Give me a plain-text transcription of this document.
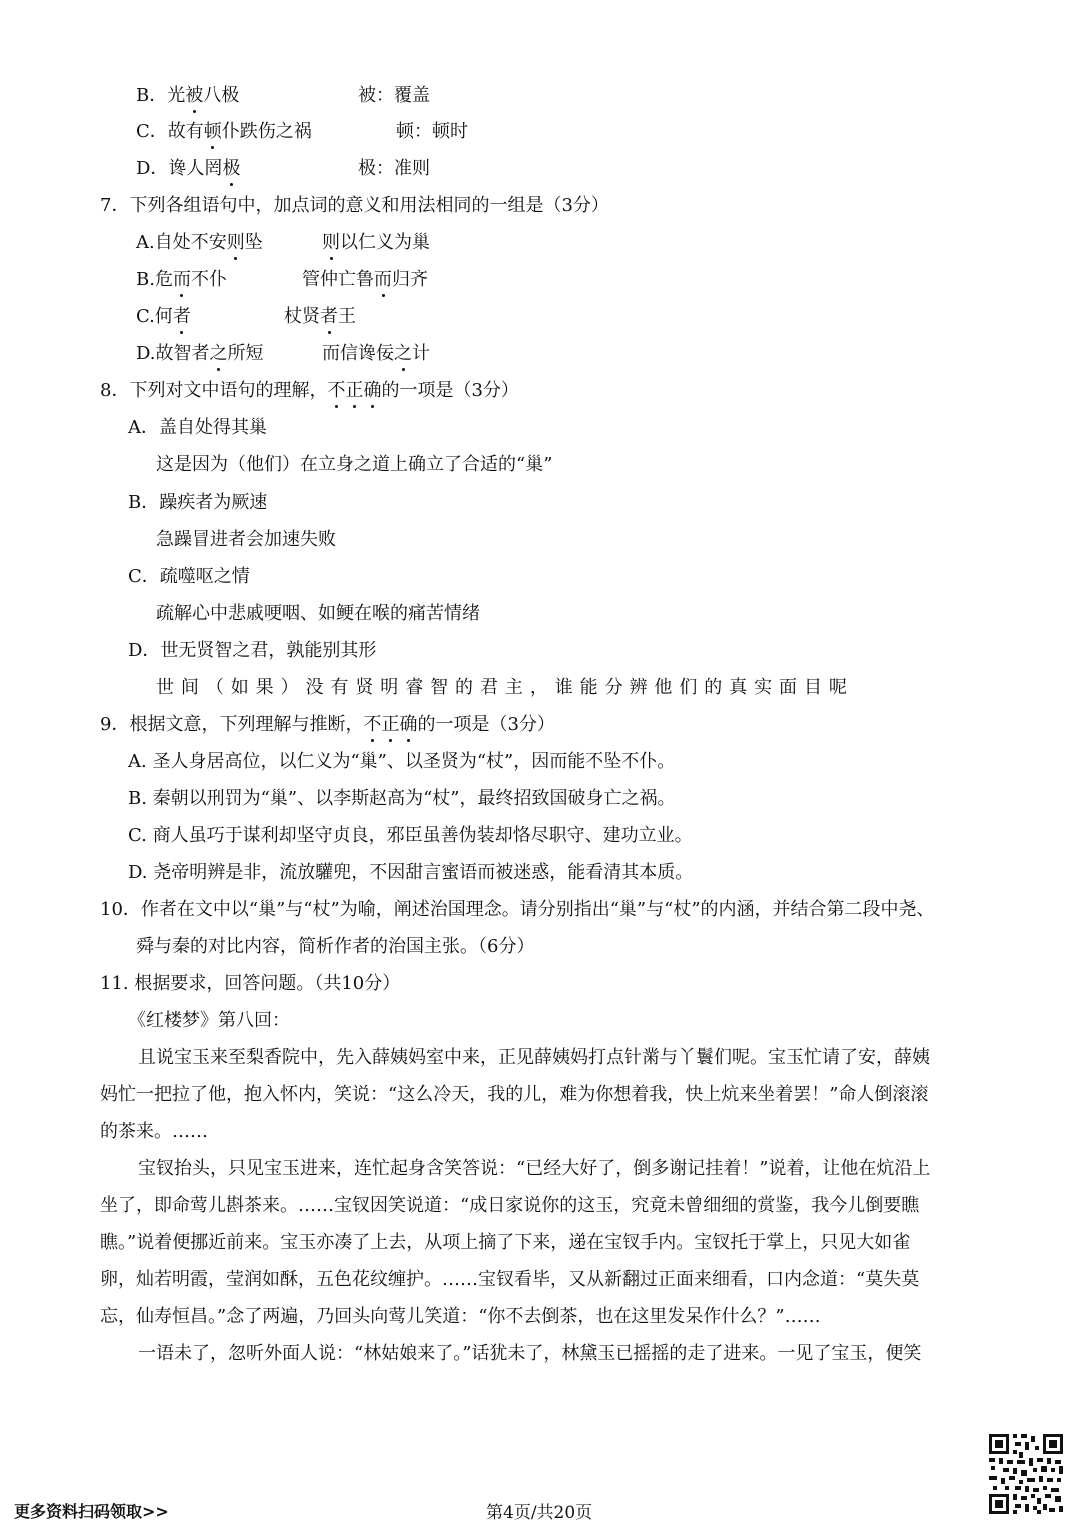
B．光被八极	被：覆盖
C．故有顿仆跌伤之祸	顿：顿时
D．谗人罔极	极：准则
7．下列各组语句中，加点词的意义和用法相同的一组是（3分）
A.自处不安则坠	则以仁义为巢
B.危而不仆	管仲亡鲁而归齐
C.何者	杖贤者王
D.故智者之所短	而信谗佞之计
8．下列对文中语句的理解，不正确的一项是（3分）
A．盖自处得其巢
这是因为（他们）在立身之道上确立了合适的“巢”
B．躁疾者为厥速
急躁冒进者会加速失败
C．疏噬呕之情
疏解心中悲戚哽咽、如鲠在喉的痛苦情绪
D．世无贤智之君，孰能别其形
世 间 （ 如 果 ） 没 有 贤 明 睿 智 的 君 主 ， 谁 能 分 辨 他 们 的 真 实 面 目 呢
9．根据文意，下列理解与推断，不正确的一项是（3分）
A. 圣人身居高位，以仁义为“巢”、以圣贤为“杖”，因而能不坠不仆。
B. 秦朝以刑罚为“巢”、以李斯赵高为“杖”，最终招致国破身亡之祸。
C. 商人虽巧于谋利却坚守贞良，邪臣虽善伪装却恪尽职守、建功立业。
D. 尧帝明辨是非，流放驩兜，不因甜言蜜语而被迷惑，能看清其本质。
10．作者在文中以“巢”与“杖”为喻，阐述治国理念。请分别指出“巢”与“杖”的内涵，并结合第二段中尧、
舜与秦的对比内容，简析作者的治国主张。（6分）
11. 根据要求，回答问题。（共10分）
《红楼梦》第八回：
且说宝玉来至梨香院中，先入薛姨妈室中来，正见薛姨妈打点针黹与丫鬟们呢。宝玉忙请了安，薛姨
妈忙一把拉了他，抱入怀内，笑说：“这么冷天，我的儿，难为你想着我，快上炕来坐着罢！”命人倒滚滚
的茶来。……
宝钗抬头，只见宝玉进来，连忙起身含笑答说：“已经大好了，倒多谢记挂着！”说着，让他在炕沿上
坐了，即命莺儿斟茶来。……宝钗因笑说道：“成日家说你的这玉，究竟未曾细细的赏鉴，我今儿倒要瞧
瞧。”说着便挪近前来。宝玉亦凑了上去，从项上摘了下来，递在宝钗手内。宝钗托于掌上，只见大如雀
卵，灿若明霞，莹润如酥，五色花纹缠护。……宝钗看毕，又从新翻过正面来细看，口内念道：“莫失莫
忘，仙寿恒昌。”念了两遍，乃回头向莺儿笑道：“你不去倒茶，也在这里发呆作什么？”……
一语未了，忽听外面人说：“林姑娘来了。”话犹未了，林黛玉已摇摇的走了进来。一见了宝玉，便笑
更多资料扫码领取>>	第4页/共20页
